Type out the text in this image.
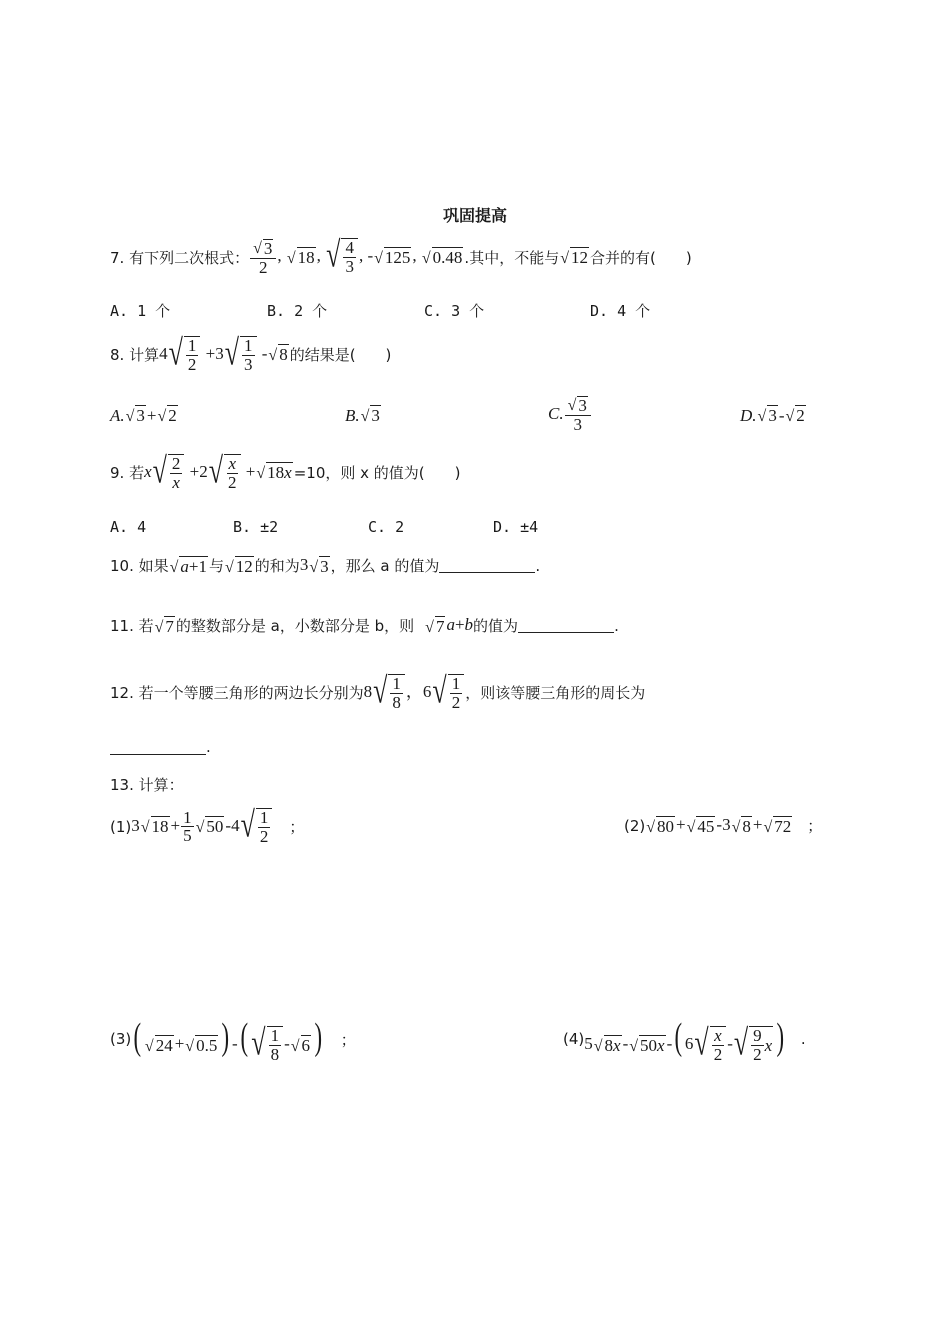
巩固提高
7. 有下列二次根式： $\frac{√ 3}{2}$ , √ 18 , √ $\frac{4}{3}$ , - √ 125 , √ 0.48 .其中，不能与 √ 12 合并的有(　　)
A. 1 个	B. 2 个	C. 3 个	D. 4 个
8. 计算 4 √ $\frac{1}{2} +3$ √ $\frac{1}{3}$ - √ 8 的结果是(　　)
A. √ 3 + √ 2	B. √ 3	C. $\frac{√ 3}{3}$	D. √ 3 - √ 2
9. 若 x √ $\frac{2}{x} +2$ √ $\frac{x}{2}$ + √ 18 x =10，则 x 的值为(　　)
A. 4	B. ±2	C. 2	D. ±4
10. 如果 √ a +1 与 √ 12 的和为 3 √ 3 ，那么 a 的值为	.
11. 若 √ 7 的整数部分是 a，小数部分是 b，则 √ 7 a+b 的值为	.
12. 若一个等腰三角形的两边长分别为 8 √ $\frac{1}{8}$ ，6 √ $\frac{1}{2}$ ，则该等腰三角形的周长为
.
13. 计算：
(1) 3 √ $18 + \frac{1}{5}$ √ 50 -4 √ $\frac{1}{2}$ ；	(2) √ 80 + √ 45 -3 √ 8 + √ 72 ；
(3) ( √ 24 + √ 0.5 ) -( √ $\frac{1}{8}$ - √ 6 ) ；	(4) 5 √ 8 x - √ 50 x -( 6 √ $\frac{x}{2}$ - √ $\frac{9}{2}$ x ) .
